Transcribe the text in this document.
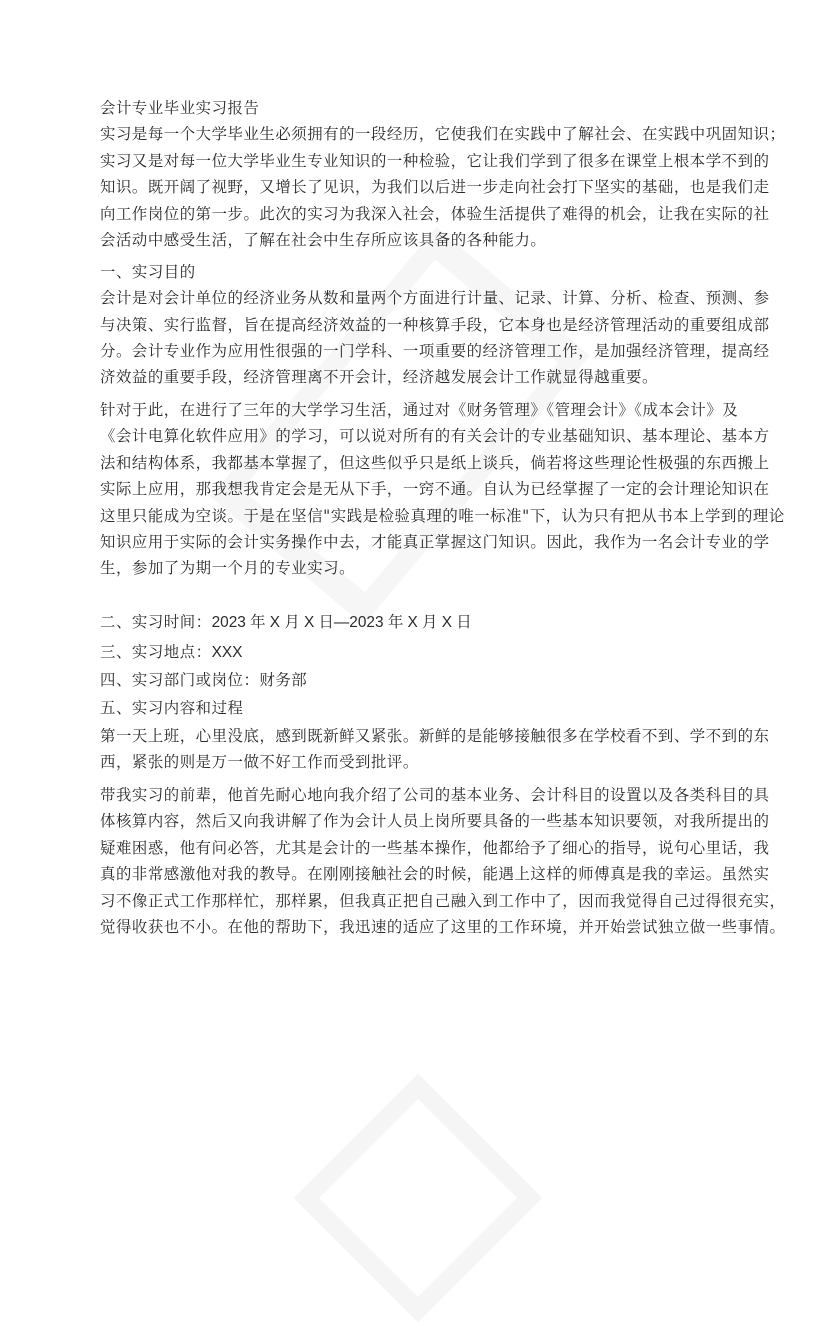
会计专业毕业实习报告
实习是每一个大学毕业生必须拥有的一段经历，它使我们在实践中了解社会、在实践中巩固知识；
实习又是对每一位大学毕业生专业知识的一种检验，它让我们学到了很多在课堂上根本学不到的
知识。既开阔了视野，又增长了见识，为我们以后进一步走向社会打下坚实的基础，也是我们走
向工作岗位的第一步。此次的实习为我深入社会，体验生活提供了难得的机会，让我在实际的社
会活动中感受生活，了解在社会中生存所应该具备的各种能力。
一、实习目的
会计是对会计单位的经济业务从数和量两个方面进行计量、记录、计算、分析、检查、预测、参
与决策、实行监督，旨在提高经济效益的一种核算手段，它本身也是经济管理活动的重要组成部
分。会计专业作为应用性很强的一门学科、一项重要的经济管理工作，是加强经济管理，提高经
济效益的重要手段，经济管理离不开会计，经济越发展会计工作就显得越重要。
针对于此，在进行了三年的大学学习生活，通过对《财务管理》《管理会计》《成本会计》及
《会计电算化软件应用》的学习，可以说对所有的有关会计的专业基础知识、基本理论、基本方
法和结构体系，我都基本掌握了，但这些似乎只是纸上谈兵，倘若将这些理论性极强的东西搬上
实际上应用，那我想我肯定会是无从下手，一窍不通。自认为已经掌握了一定的会计理论知识在
这里只能成为空谈。于是在坚信"实践是检验真理的唯一标准"下，认为只有把从书本上学到的理论
知识应用于实际的会计实务操作中去，才能真正掌握这门知识。因此，我作为一名会计专业的学
生，参加了为期一个月的专业实习。
二、实习时间：2023 年 X 月 X 日—2023 年 X 月 X 日
三、实习地点：XXX
四、实习部门或岗位：财务部
五、实习内容和过程
第一天上班，心里没底，感到既新鲜又紧张。新鲜的是能够接触很多在学校看不到、学不到的东
西，紧张的则是万一做不好工作而受到批评。
带我实习的前辈，他首先耐心地向我介绍了公司的基本业务、会计科目的设置以及各类科目的具
体核算内容，然后又向我讲解了作为会计人员上岗所要具备的一些基本知识要领，对我所提出的
疑难困惑，他有问必答，尤其是会计的一些基本操作，他都给予了细心的指导，说句心里话，我
真的非常感激他对我的教导。在刚刚接触社会的时候，能遇上这样的师傅真是我的幸运。虽然实
习不像正式工作那样忙，那样累，但我真正把自己融入到工作中了，因而我觉得自己过得很充实，
觉得收获也不小。在他的帮助下，我迅速的适应了这里的工作环境，并开始尝试独立做一些事情。
